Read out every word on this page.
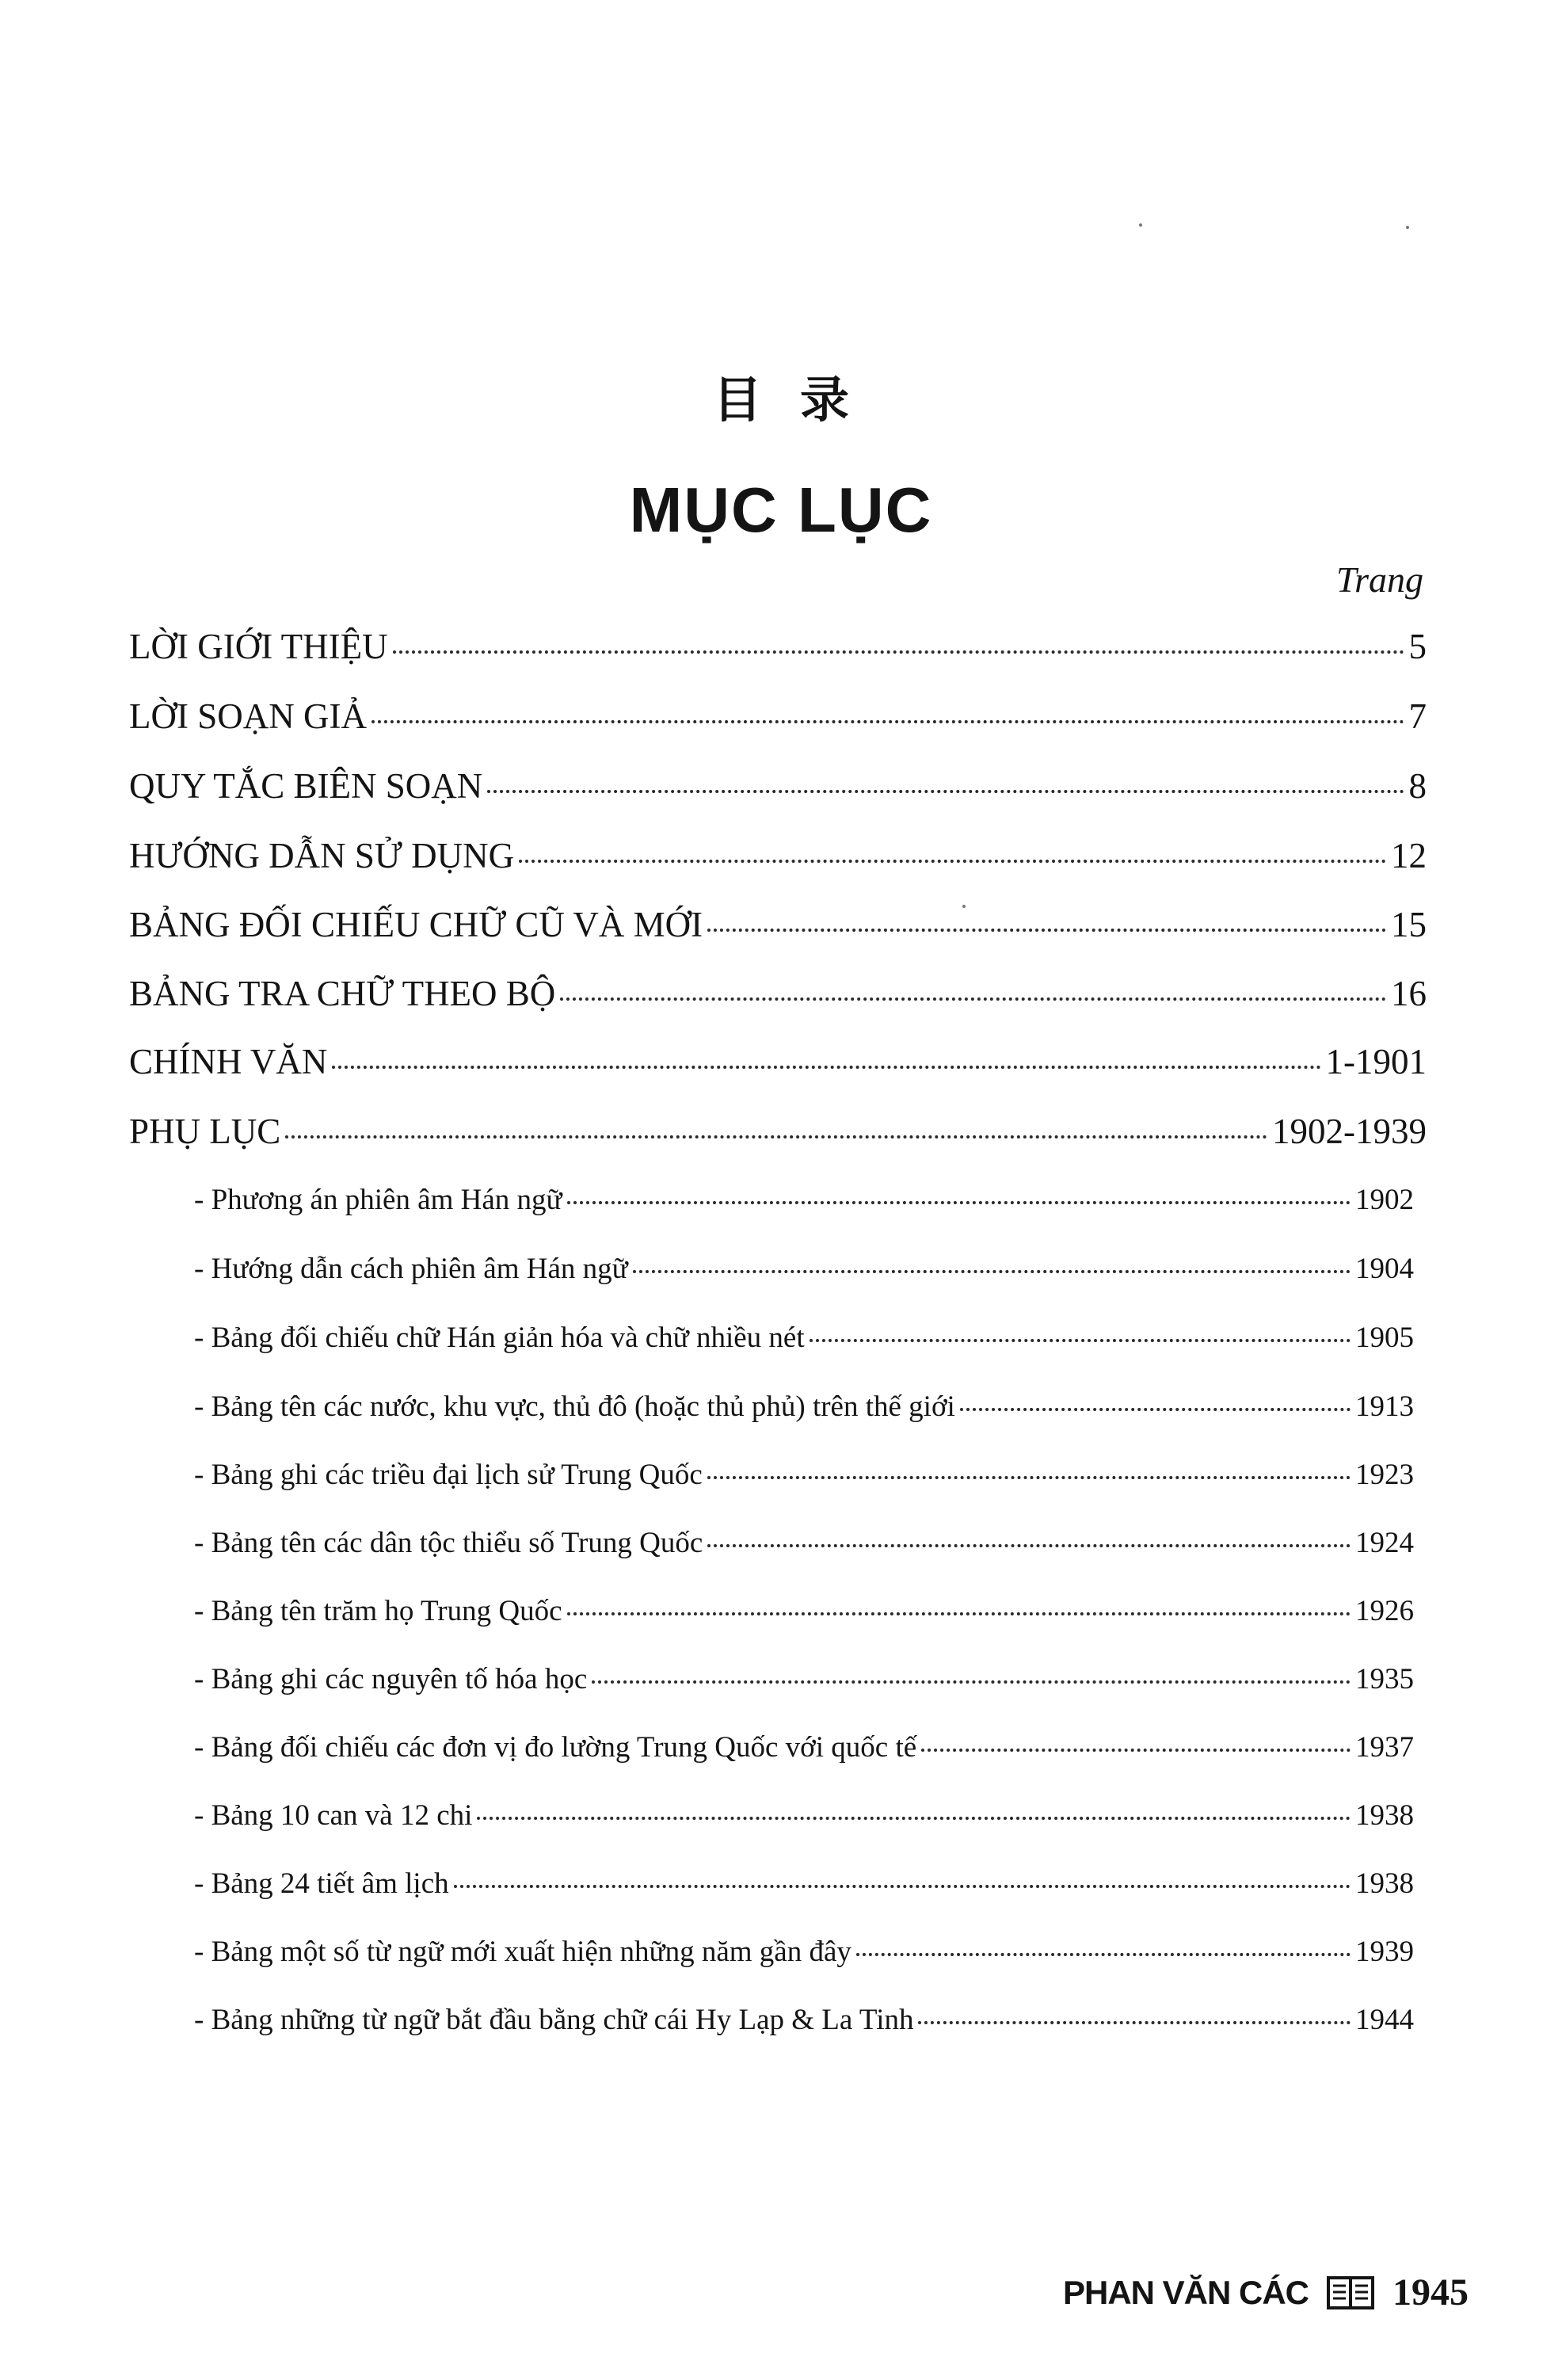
目录
MỤC LỤC
Trang
LỜI GIỚI THIỆU	5
LỜI SOẠN GIẢ	7
QUY TẮC BIÊN SOẠN	8
HƯỚNG DẪN SỬ DỤNG	12
BẢNG ĐỐI CHIẾU CHỮ CŨ VÀ MỚI	15
BẢNG TRA CHỮ THEO BỘ	16
CHÍNH VĂN	1-1901
PHỤ LỤC	1902-1939
- Phương án phiên âm Hán ngữ	1902
- Hướng dẫn cách phiên âm Hán ngữ	1904
- Bảng đối chiếu chữ Hán giản hóa và chữ nhiều nét	1905
- Bảng tên các nước, khu vực, thủ đô (hoặc thủ phủ) trên thế giới	1913
- Bảng ghi các triều đại lịch sử Trung Quốc	1923
- Bảng tên các dân tộc thiểu số Trung Quốc	1924
- Bảng tên trăm họ Trung Quốc	1926
- Bảng ghi các nguyên tố hóa học	1935
- Bảng đối chiếu các đơn vị đo lường Trung Quốc với quốc tế	1937
- Bảng 10 can và 12 chi	1938
- Bảng 24 tiết âm lịch	1938
- Bảng một số từ ngữ mới xuất hiện những năm gần đây	1939
- Bảng những từ ngữ bắt đầu bằng chữ cái Hy Lạp & La Tinh	1944
PHAN VĂN CÁC 1945
